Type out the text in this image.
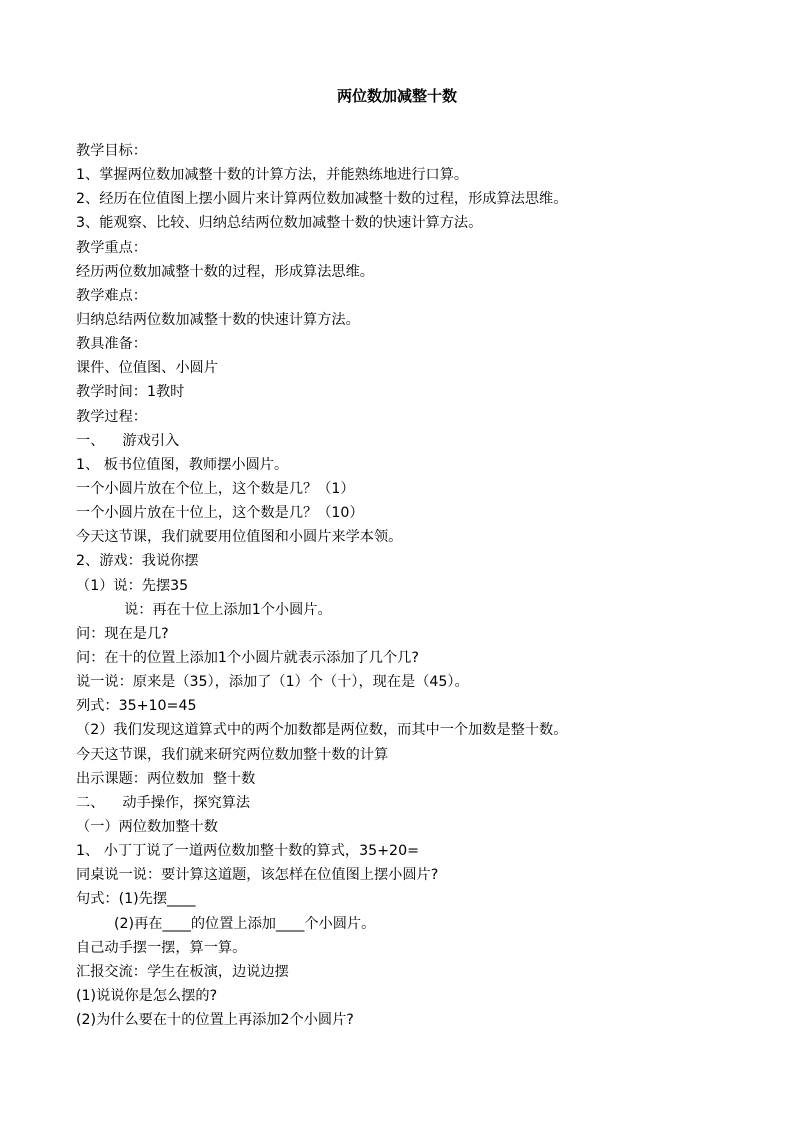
两位数加减整十数
教学目标：
1、掌握两位数加减整十数的计算方法，并能熟练地进行口算。
2、经历在位值图上摆小圆片来计算两位数加减整十数的过程，形成算法思维。
3、能观察、比较、归纳总结两位数加减整十数的快速计算方法。
教学重点：
经历两位数加减整十数的过程，形成算法思维。
教学难点：
归纳总结两位数加减整十数的快速计算方法。
教具准备：
课件、位值图、小圆片
教学时间：1教时
教学过程：
一、    游戏引入
1、 板书位值图，教师摆小圆片。
一个小圆片放在个位上，这个数是几？（1）
一个小圆片放在十位上，这个数是几？（10）
今天这节课，我们就要用位值图和小圆片来学本领。
2、游戏：我说你摆
（1）说：先摆35
说：再在十位上添加1个小圆片。
问：现在是几?
问：在十的位置上添加1个小圆片就表示添加了几个几?
说一说：原来是（35），添加了（1）个（十），现在是（45）。
列式：35+10=45
（2）我们发现这道算式中的两个加数都是两位数，而其中一个加数是整十数。
今天这节课，我们就来研究两位数加整十数的计算
出示课题：两位数加  整十数
二、    动手操作，探究算法
（一）两位数加整十数
1、 小丁丁说了一道两位数加整十数的算式，35+20=
同桌说一说：要计算这道题，该怎样在位值图上摆小圆片?
句式：(1)先摆____
(2)再在____的位置上添加____个小圆片。
自己动手摆一摆，算一算。
汇报交流：学生在板演，边说边摆
(1)说说你是怎么摆的?
(2)为什么要在十的位置上再添加2个小圆片?
